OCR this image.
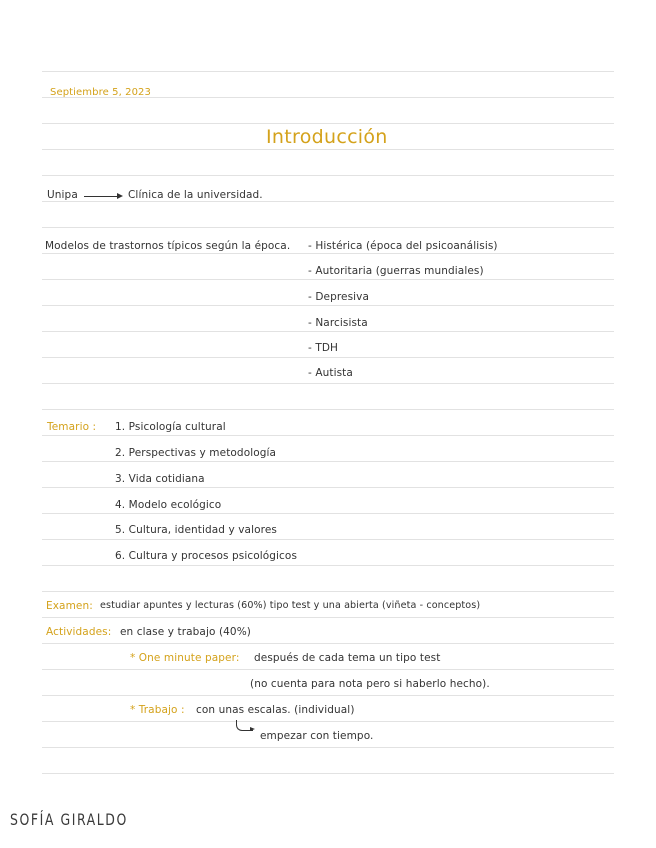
Septiembre 5, 2023
Introducción
Unipa	Clínica de la universidad.
Modelos de trastornos típicos según la época. - Histérica (época del psicoanálisis)
- Autoritaria (guerras mundiales)
- Depresiva
- Narcisista
- TDH
- Autista
Temario : 1. Psicología cultural
2. Perspectivas y metodología
3. Vida cotidiana
4. Modelo ecológico
5. Cultura, identidad y valores
6. Cultura y procesos psicológicos
Examen: estudiar apuntes y lecturas (60%) tipo test y una abierta (viñeta - conceptos)
Actividades: en clase y trabajo (40%)
* One minute paper: después de cada tema un tipo test
(no cuenta para nota pero si haberlo hecho).
* Trabajo : con unas escalas. (individual)
empezar con tiempo.
SOFÍA GIRALDO
